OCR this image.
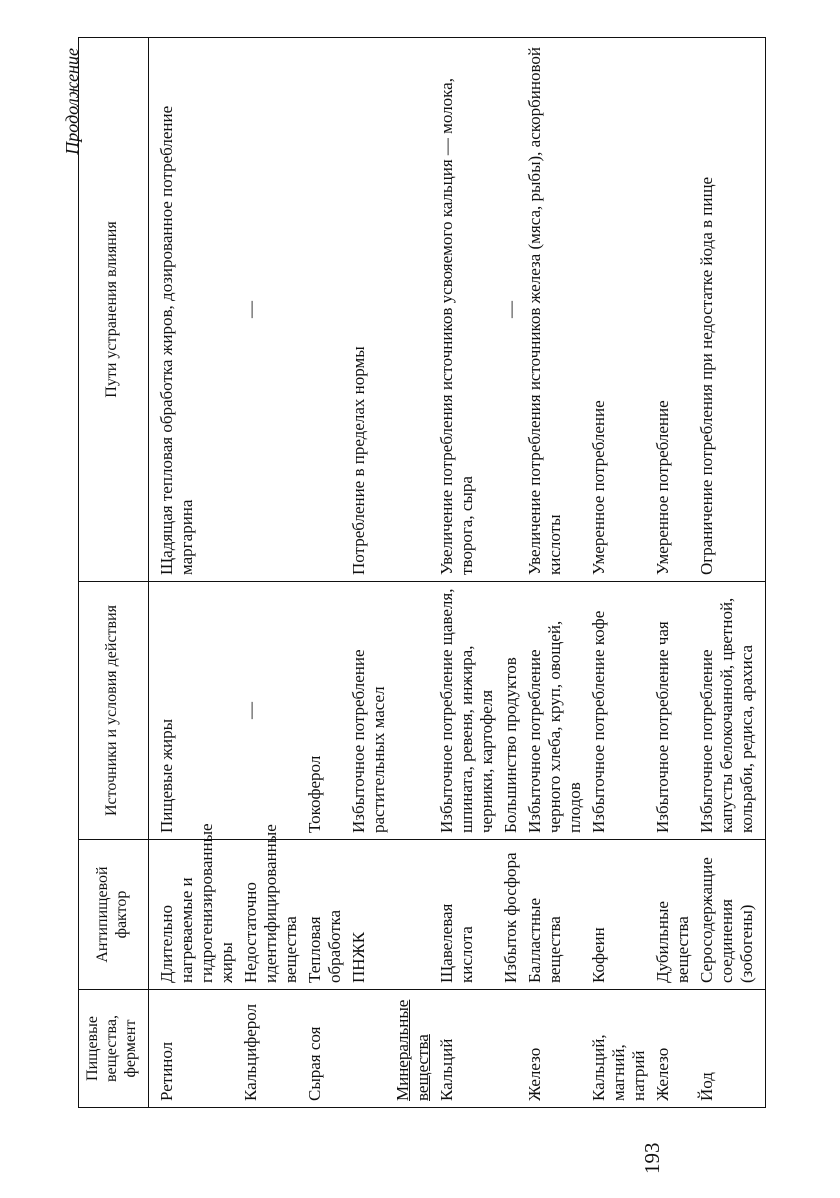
Продолжение
Пищевые вещества, фермент	Антипищевой фактор	Источники и условия действия	Пути устранения влияния
Ретинол	Длительно нагреваемые и гидрогенизированные жиры	Пищевые жиры	Щадящая тепловая обработка жиров, дозированное потребление маргарина
Кальциферол	Недостаточно идентифицированные вещества	—	—
Сырая соя	Тепловая обработка	Токоферол	
	ПНЖК	Избыточное потребление растительных масел	Потребление в пределах нормы
Минеральные вещества			
Кальций	Щавелевая кислота	Избыточное потребление щавеля, шпината, ревеня, инжира, черники, картофеля	Увеличение потребления источников усвояемого кальция — молока, творога, сыра
	Избыток фосфора	Большинство продуктов	—
Железо	Балластные вещества	Избыточное потребление черного хлеба, круп, овощей, плодов	Увеличение потребления источников железа (мяса, рыбы), аскорбиновой кислоты
Кальций, магний, натрий	Кофеин	Избыточное потребление кофе	Умеренное потребление
Железо	Дубильные вещества	Избыточное потребление чая	Умеренное потребление
Йод	Серосодержащие соединения (зобогены)	Избыточное потребление капусты белокочанной, цветной, кольраби, редиса, арахиса	Ограничение потребления при недостатке йода в пище
193
